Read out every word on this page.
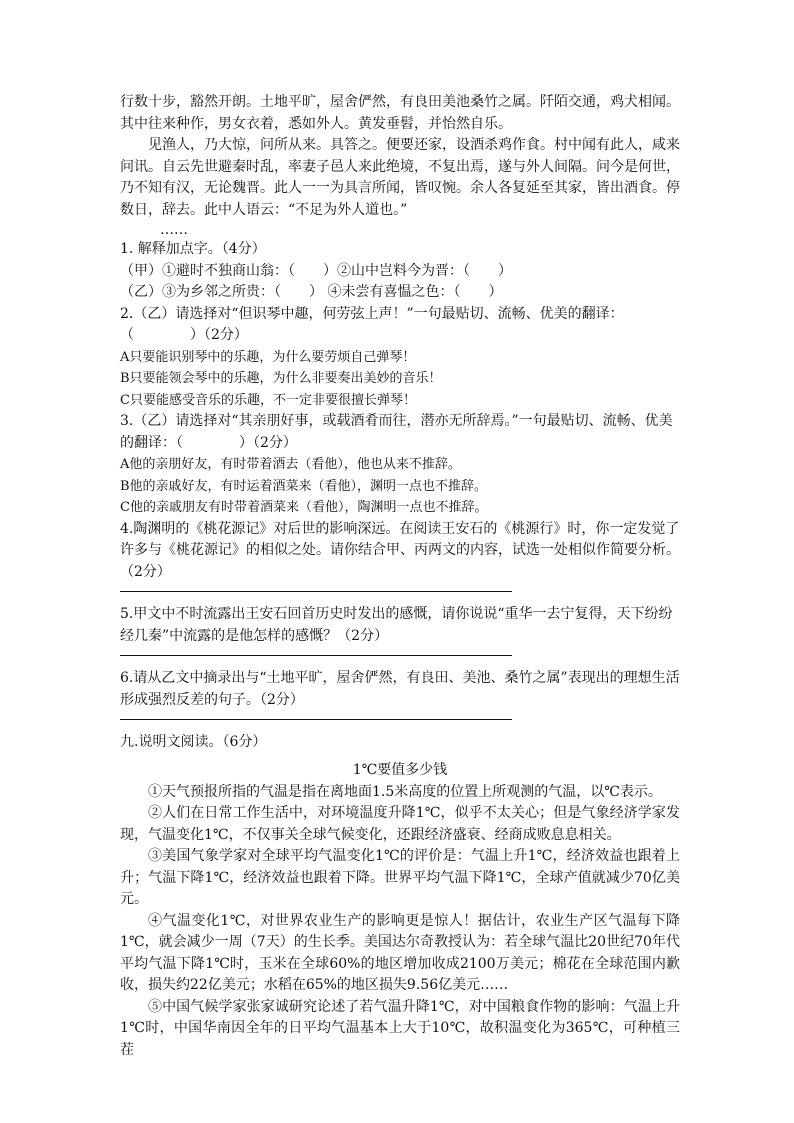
行数十步，豁然开朗。土地平旷，屋舍俨然，有良田美池桑竹之属。阡陌交通，鸡犬相闻。其中往来种作，男女衣着，悉如外人。黄发垂髫，并怡然自乐。

见渔人，乃大惊，问所从来。具答之。便要还家，设酒杀鸡作食。村中闻有此人，咸来问讯。自云先世避秦时乱，率妻子邑人来此绝境，不复出焉，遂与外人间隔。问今是何世，乃不知有汉，无论魏晋。此人一一为具言所闻，皆叹惋。余人各复延至其家，皆出酒食。停数日，辞去。此中人语云：“不足为外人道也。”

……

1. 解释加点字。（4分）

（甲）①避时不独商山翁：（　　）②山中岂料今为晋：（　　）

（乙）③为乡邻之所贵：（　　） ④未尝有喜愠之色：（　　）

2.（乙）请选择对“但识琴中趣，何劳弦上声！”一句最贴切、流畅、优美的翻译：

（　　　　）（2分）

A只要能识别琴中的乐趣，为什么要劳烦自己弹琴！

B只要能领会琴中的乐趣，为什么非要奏出美妙的音乐！

C只要能感受音乐的乐趣，不一定非要很擅长弹琴！

3.（乙）请选择对“其亲朋好事，或载酒肴而往，潜亦无所辞焉。”一句最贴切、流畅、优美的翻译：（　　　　）（2分）

A他的亲朋好友，有时带着酒去（看他），他也从来不推辞。

B他的亲戚好友，有时运着酒菜来（看他），渊明一点也不推辞。

C他的亲戚朋友有时带着酒菜来（看他），陶渊明一点也不推辞。

4.陶渊明的《桃花源记》对后世的影响深远。在阅读王安石的《桃源行》时，你一定发觉了许多与《桃花源记》的相似之处。请你结合甲、丙两文的内容，试选一处相似作简要分析。（2分）

5.甲文中不时流露出王安石回首历史时发出的感慨，请你说说“重华一去宁复得，天下纷纷经几秦”中流露的是他怎样的感慨？（2分）

6.请从乙文中摘录出与“土地平旷，屋舍俨然，有良田、美池、桑竹之属”表现出的理想生活形成强烈反差的句子。（2分）

九.说明文阅读。（6分）

1℃要值多少钱

①天气预报所指的气温是指在离地面1.5米高度的位置上所观测的气温，以℃表示。

②人们在日常工作生活中，对环境温度升降1℃，似乎不太关心；但是气象经济学家发现，气温变化1℃，不仅事关全球气候变化，还跟经济盛衰、经商成败息息相关。

③美国气象学家对全球平均气温变化1℃的评价是：气温上升1℃，经济效益也跟着上升；气温下降1℃，经济效益也跟着下降。世界平均气温下降1℃，全球产值就减少70亿美元。

④气温变化1℃，对世界农业生产的影响更是惊人！据估计，农业生产区气温每下降1℃，就会减少一周（7天）的生长季。美国达尔奇教授认为：若全球气温比20世纪70年代平均气温下降1℃时，玉米在全球60%的地区增加收成2100万美元；棉花在全球范围内歉收，损失约22亿美元；水稻在65%的地区损失9.56亿美元……

⑤中国气候学家张家诚研究论述了若气温升降1℃，对中国粮食作物的影响：气温上升1℃时，中国华南因全年的日平均气温基本上大于10℃，故积温变化为365℃，可种植三茬
